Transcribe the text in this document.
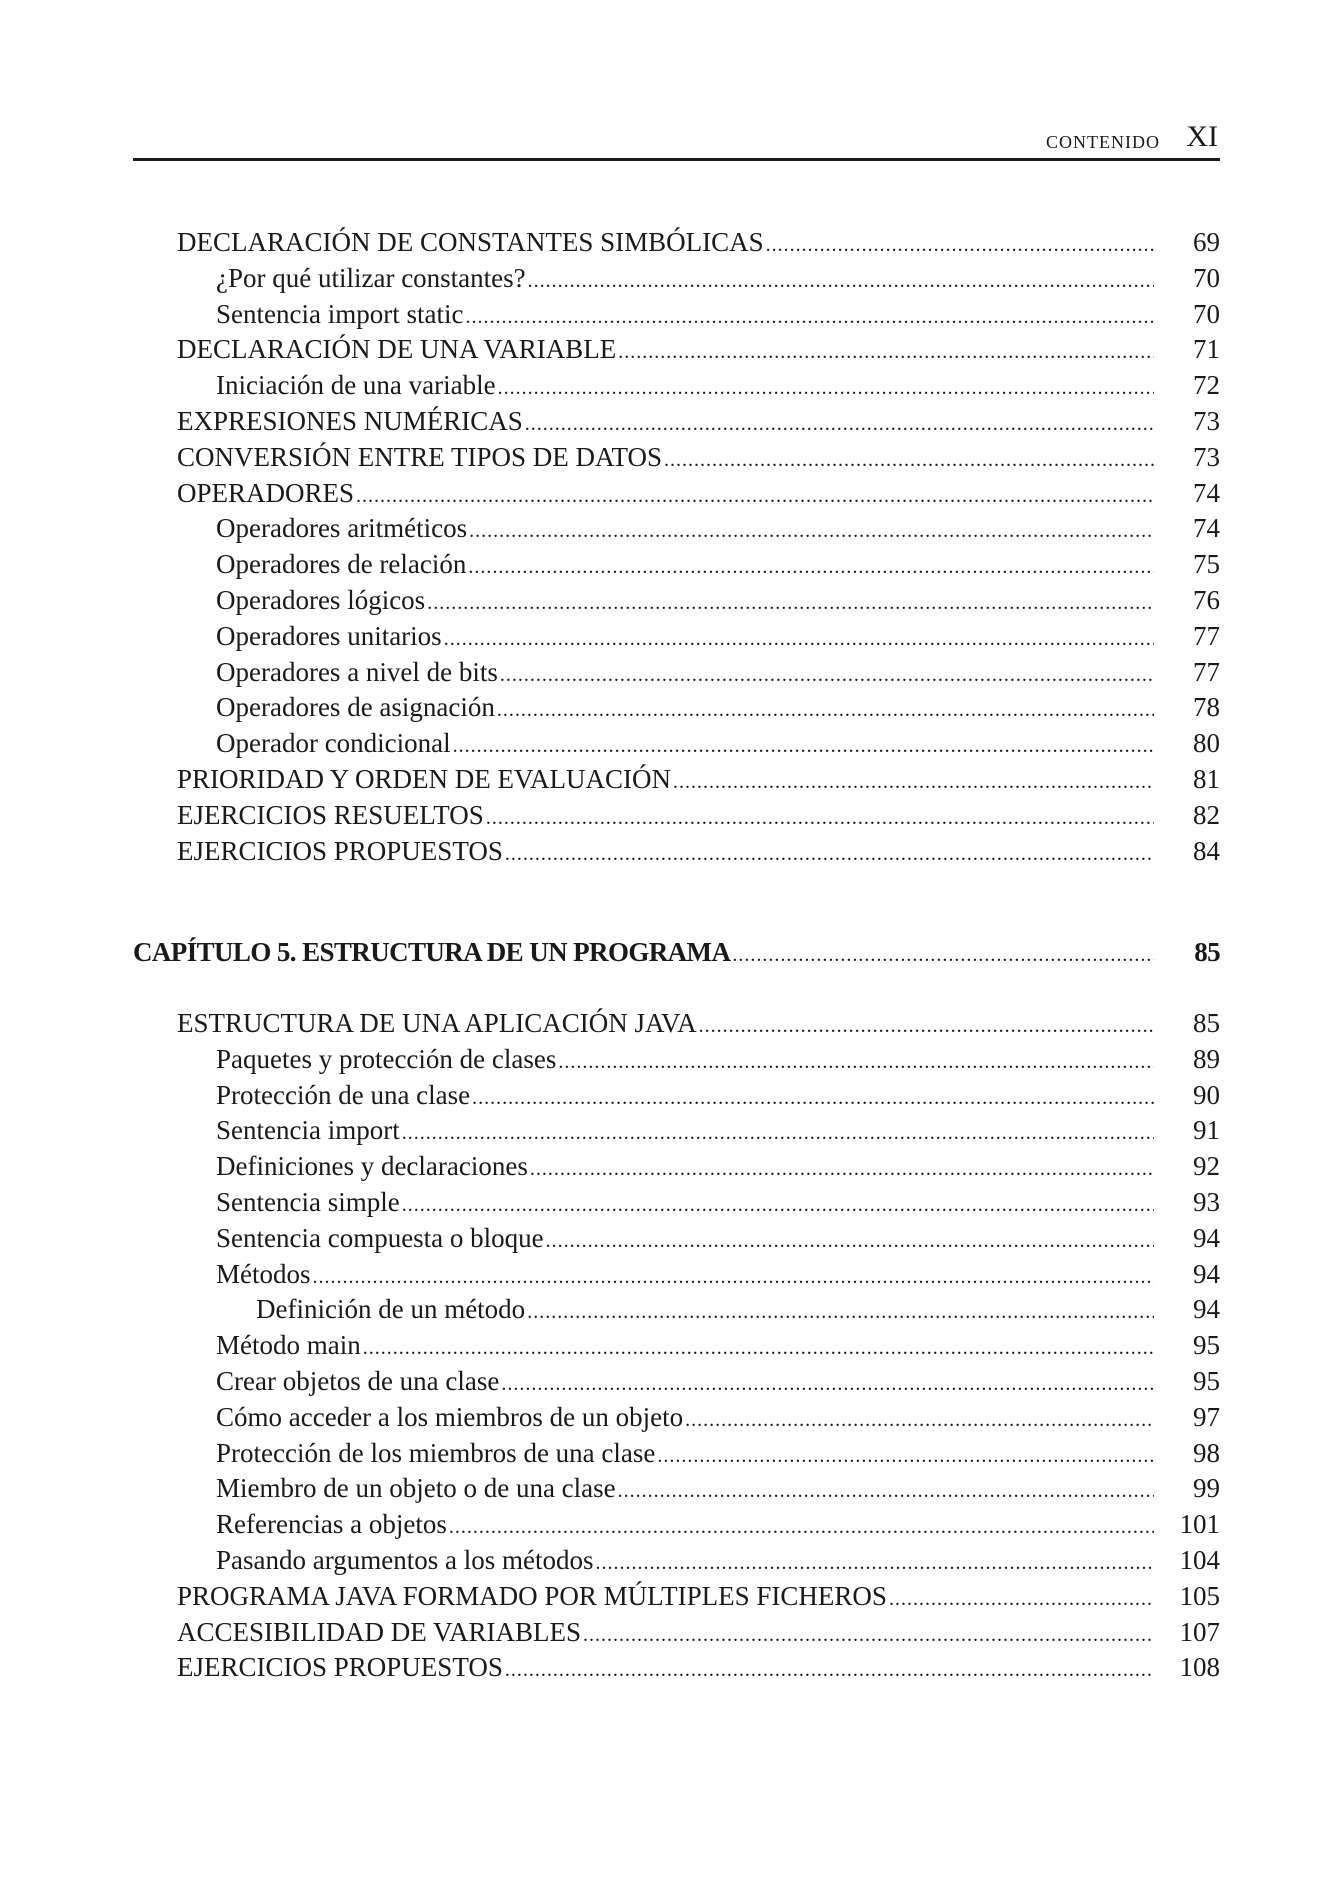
CONTENIDO XI
DECLARACIÓN DE CONSTANTES SIMBÓLICAS .....	69
¿Por qué utilizar constantes? .....	70
Sentencia import static .....	70
DECLARACIÓN DE UNA VARIABLE .....	71
Iniciación de una variable .....	72
EXPRESIONES NUMÉRICAS .....	73
CONVERSIÓN ENTRE TIPOS DE DATOS .....	73
OPERADORES .....	74
Operadores aritméticos .....	74
Operadores de relación .....	75
Operadores lógicos .....	76
Operadores unitarios .....	77
Operadores a nivel de bits .....	77
Operadores de asignación .....	78
Operador condicional .....	80
PRIORIDAD Y ORDEN DE EVALUACIÓN .....	81
EJERCICIOS RESUELTOS .....	82
EJERCICIOS PROPUESTOS .....	84
CAPÍTULO 5. ESTRUCTURA DE UN PROGRAMA .....	85
ESTRUCTURA DE UNA APLICACIÓN JAVA .....	85
Paquetes y protección de clases .....	89
Protección de una clase .....	90
Sentencia import .....	91
Definiciones y declaraciones .....	92
Sentencia simple .....	93
Sentencia compuesta o bloque .....	94
Métodos .....	94
Definición de un método .....	94
Método main .....	95
Crear objetos de una clase .....	95
Cómo acceder a los miembros de un objeto .....	97
Protección de los miembros de una clase .....	98
Miembro de un objeto o de una clase .....	99
Referencias a objetos .....	101
Pasando argumentos a los métodos .....	104
PROGRAMA JAVA FORMADO POR MÚLTIPLES FICHEROS .....	105
ACCESIBILIDAD DE VARIABLES .....	107
EJERCICIOS PROPUESTOS .....	108
